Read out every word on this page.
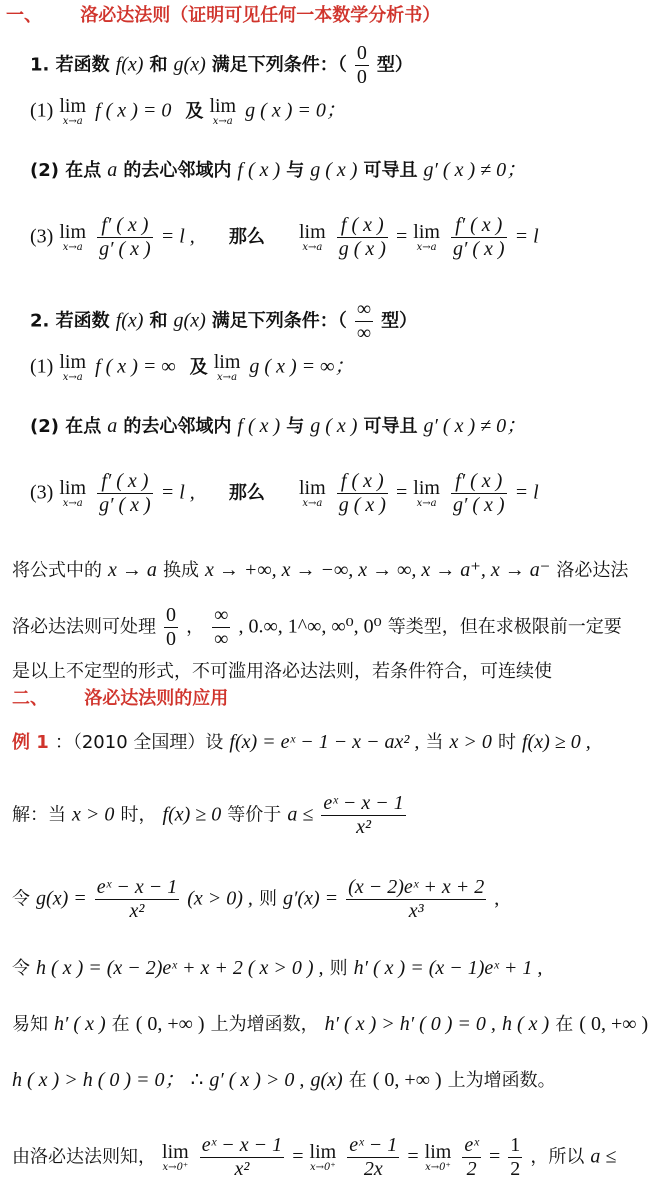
一、 洛必达法则（证明可见任何一本数学分析书）
1. 若函数 f(x) 和 g(x) 满足下列条件：（ $\frac{0}{0}$ 型）
(1) lim
x→a f ( x ) = 0 及 lim
x→a g ( x ) = 0；
(2) 在点 a 的去心邻域内 f ( x ) 与 g ( x ) 可导且 g′ ( x ) ≠ 0；
(3) lim
x→a
$\frac{f' ( x )}{g' ( x )} = l$ , 那么 lim
x→a
$\frac{f ( x )}{g ( x )} = \lim$
x→a
$\frac{f' ( x )}{g' ( x )} = l$
2. 若函数 f(x) 和 g(x) 满足下列条件：（ $\frac{\infty}{\infty}$ 型）
(1) lim
x→a f ( x ) = ∞ 及 lim
x→a g ( x ) = ∞；
(2) 在点 a 的去心邻域内 f ( x ) 与 g ( x ) 可导且 g′ ( x ) ≠ 0；
(3) lim
x→a
$\frac{f' ( x )}{g' ( x )} = l$ , 那么 lim
x→a
$\frac{f ( x )}{g ( x )} = \lim$
x→a
$\frac{f' ( x )}{g' ( x )} = l$
将公式中的 x → a 换成 x → +∞, x → −∞, x → ∞, x → a⁺, x → a⁻ 洛必达法
洛必达法则可处理 $\frac{0}{0}$ ， $\frac{\infty}{\infty}$ , 0.∞, 1^∞, ∞⁰, 0⁰ 等类型，但在求极限前一定要
是以上不定型的形式，不可滥用洛必达法则，若条件符合，可连续使
二、 洛必达法则的应用
例 1 ：（2010 全国理）设 f(x) = eˣ − 1 − x − ax² , 当 x > 0 时 f(x) ≥ 0 ,
解：当 x > 0 时， f(x) ≥ 0 等价于 $a \le \frac{\text{eˣ − x − 1}}{\text{x²}}$
令 $g(x) = \frac{\text{eˣ − x − 1}}{\text{x²}} (x > 0)$ , 则 $g'(x) = \frac{\text{(x − 2)eˣ + x + 2}}{\text{x³}}$ ,
令 h ( x ) = (x − 2)eˣ + x + 2 ( x > 0 ) , 则 h′ ( x ) = (x − 1)eˣ + 1 ,
易知 h′ ( x ) 在 ( 0, +∞ ) 上为增函数， h′ ( x ) > h′ ( 0 ) = 0 , h ( x ) 在 ( 0, +∞ )
h ( x ) > h ( 0 ) = 0； ∴ g′ ( x ) > 0 , g(x) 在 ( 0, +∞ ) 上为增函数。
由洛必达法则知， lim
x→0⁺
$\frac{\text{eˣ − x − 1}}{\text{x²}} = \lim$
x→0⁺
$\frac{\text{eˣ − 1}}{2x} = \lim$
x→0⁺
$\frac{\text{eˣ}}{2} = \frac{1}{2}$ ，所以 a ≤
